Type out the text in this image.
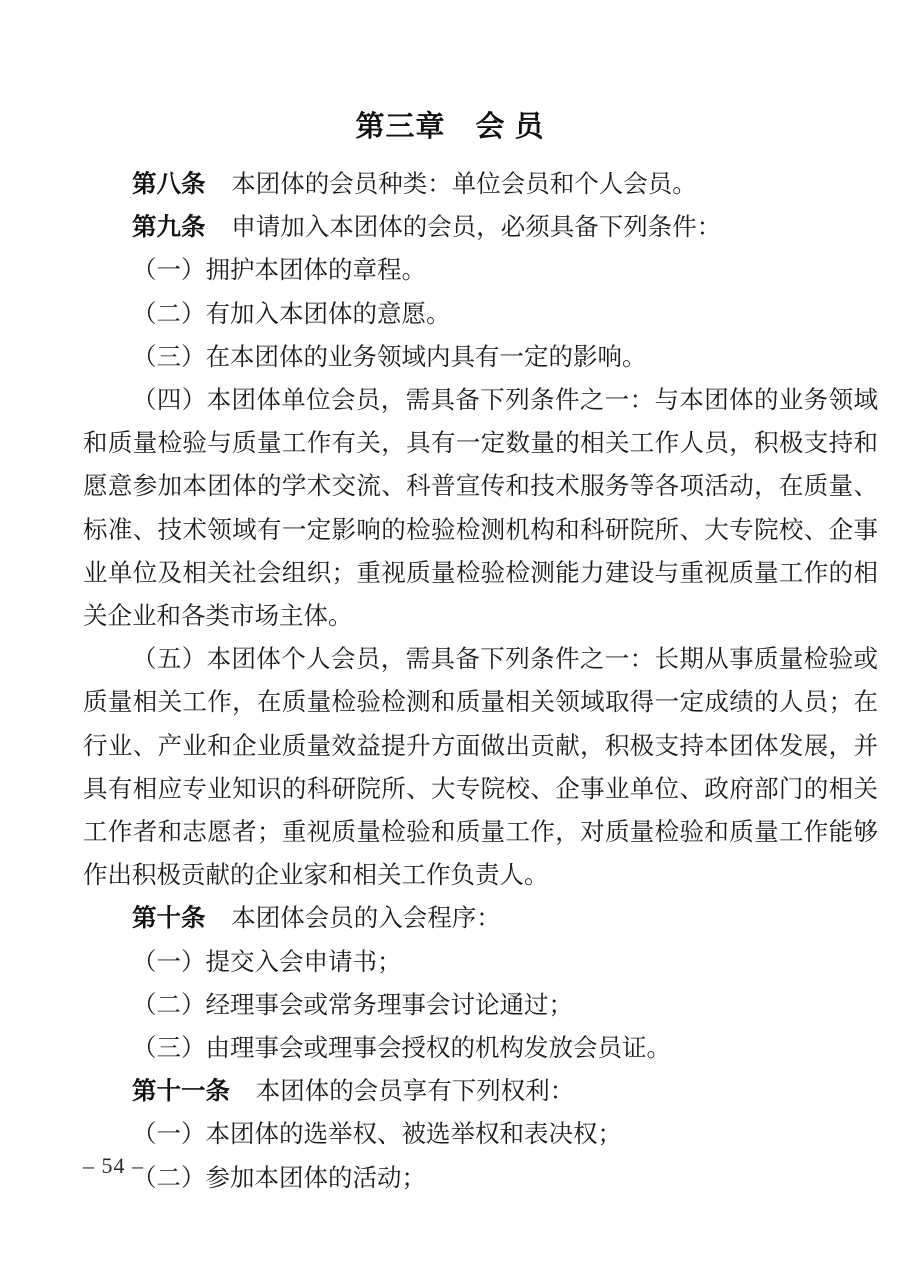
第三章　会 员

第八条 本团体的会员种类：单位会员和个人会员。

第九条 申请加入本团体的会员，必须具备下列条件：

（一）拥护本团体的章程。

（二）有加入本团体的意愿。

（三）在本团体的业务领域内具有一定的影响。

（四）本团体单位会员，需具备下列条件之一：与本团体的业务领域和质量检验与质量工作有关，具有一定数量的相关工作人员，积极支持和愿意参加本团体的学术交流、科普宣传和技术服务等各项活动，在质量、标准、技术领域有一定影响的检验检测机构和科研院所、大专院校、企事业单位及相关社会组织；重视质量检验检测能力建设与重视质量工作的相关企业和各类市场主体。

（五）本团体个人会员，需具备下列条件之一：长期从事质量检验或质量相关工作，在质量检验检测和质量相关领域取得一定成绩的人员；在行业、产业和企业质量效益提升方面做出贡献，积极支持本团体发展，并具有相应专业知识的科研院所、大专院校、企事业单位、政府部门的相关工作者和志愿者；重视质量检验和质量工作，对质量检验和质量工作能够作出积极贡献的企业家和相关工作负责人。

第十条 本团体会员的入会程序：

（一）提交入会申请书；

（二）经理事会或常务理事会讨论通过；

（三）由理事会或理事会授权的机构发放会员证。

第十一条 本团体的会员享有下列权利：

（一）本团体的选举权、被选举权和表决权；

（二）参加本团体的活动；

– 54 –
